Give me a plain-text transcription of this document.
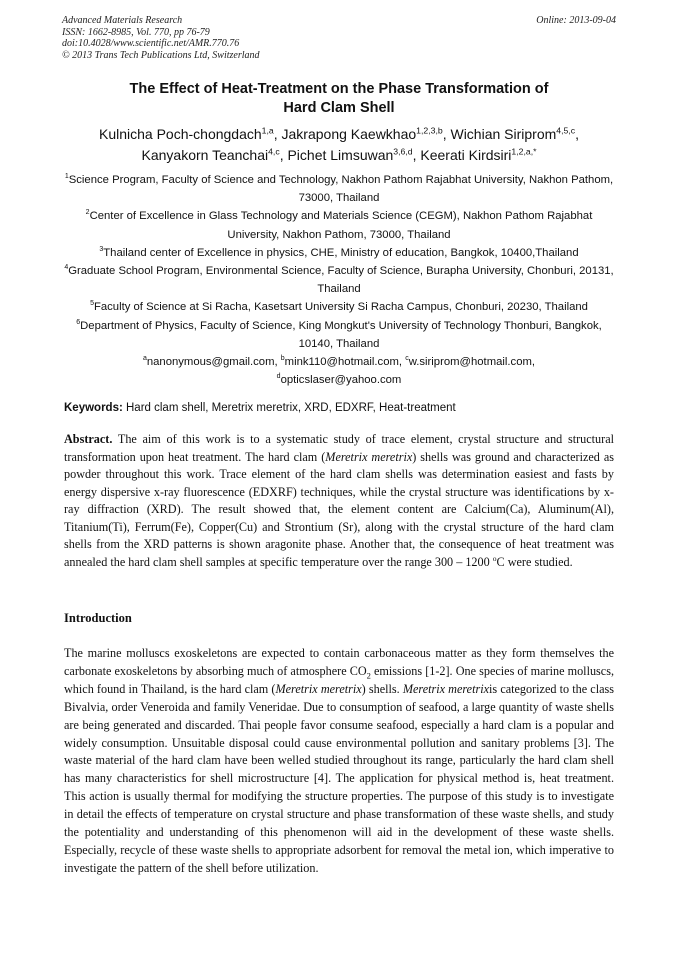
Advanced Materials Research
ISSN: 1662-8985, Vol. 770, pp 76-79
doi:10.4028/www.scientific.net/AMR.770.76
© 2013 Trans Tech Publications Ltd, Switzerland
Online: 2013-09-04
The Effect of Heat-Treatment on the Phase Transformation of
Hard Clam Shell
Kulnicha Poch-chongdach$^{1,a}$, Jakrapong Kaewkhao$^{1,2,3,b}$, Wichian Siriprom$^{4,5,c}$,
Kanyakorn Teanchai$^{4,c}$, Pichet Limsuwan$^{3,6,d}$, Keerati Kirdsiri$^{1,2,a,*}$
$^1$Science Program, Faculty of Science and Technology, Nakhon Pathom Rajabhat University, Nakhon Pathom, 73000, Thailand
$^2$Center of Excellence in Glass Technology and Materials Science (CEGM), Nakhon Pathom Rajabhat University, Nakhon Pathom, 73000, Thailand
$^3$Thailand center of Excellence in physics, CHE, Ministry of education, Bangkok, 10400,Thailand
$^4$Graduate School Program, Environmental Science, Faculty of Science, Burapha University, Chonburi, 20131, Thailand
$^5$Faculty of Science at Si Racha, Kasetsart University Si Racha Campus, Chonburi, 20230, Thailand
$^6$Department of Physics, Faculty of Science, King Mongkut's University of Technology Thonburi, Bangkok, 10140, Thailand
$^a$nanonymous@gmail.com, $^b$mink110@hotmail.com, $^c$w.siriprom@hotmail.com,
$^d$opticslaser@yahoo.com
Keywords: Hard clam shell, Meretrix meretrix, XRD, EDXRF, Heat-treatment
Abstract. The aim of this work is to a systematic study of trace element, crystal structure and structural transformation upon heat treatment. The hard clam (Meretrix meretrix) shells was ground and characterized as powder throughout this work. Trace element of the hard clam shells was determination easiest and fasts by energy dispersive x-ray fluorescence (EDXRF) techniques, while the crystal structure was identifications by x-ray diffraction (XRD). The result showed that, the element content are Calcium(Ca), Aluminum(Al), Titanium(Ti), Ferrum(Fe), Copper(Cu) and Strontium (Sr), along with the crystal structure of the hard clam shells from the XRD patterns is shown aragonite phase. Another that, the consequence of heat treatment was annealed the hard clam shell samples at specific temperature over the range 300 – 1200 $^o$C were studied.
Introduction
The marine molluscs exoskeletons are expected to contain carbonaceous matter as they form themselves the carbonate exoskeletons by absorbing much of atmosphere $CO_2$ emissions [1-2]. One species of marine molluscs, which found in Thailand, is the hard clam (Meretrix meretrix) shells. Meretrix meretrixis categorized to the class Bivalvia, order Veneroida and family Veneridae. Due to consumption of seafood, a large quantity of waste shells are being generated and discarded. Thai people favor consume seafood, especially a hard clam is a popular and widely consumption. Unsuitable disposal could cause environmental pollution and sanitary problems [3]. The waste material of the hard clam have been welled studied throughout its range, particularly the hard clam shell has many characteristics for shell microstructure [4]. The application for physical method is, heat treatment. This action is usually thermal for modifying the structure properties. The purpose of this study is to investigate in detail the effects of temperature on crystal structure and phase transformation of these waste shells, and study the potentiality and understanding of this phenomenon will aid in the development of these waste shells. Especially, recycle of these waste shells to appropriate adsorbent for removal the metal ion, which imperative to investigate the pattern of the shell before utilization.
